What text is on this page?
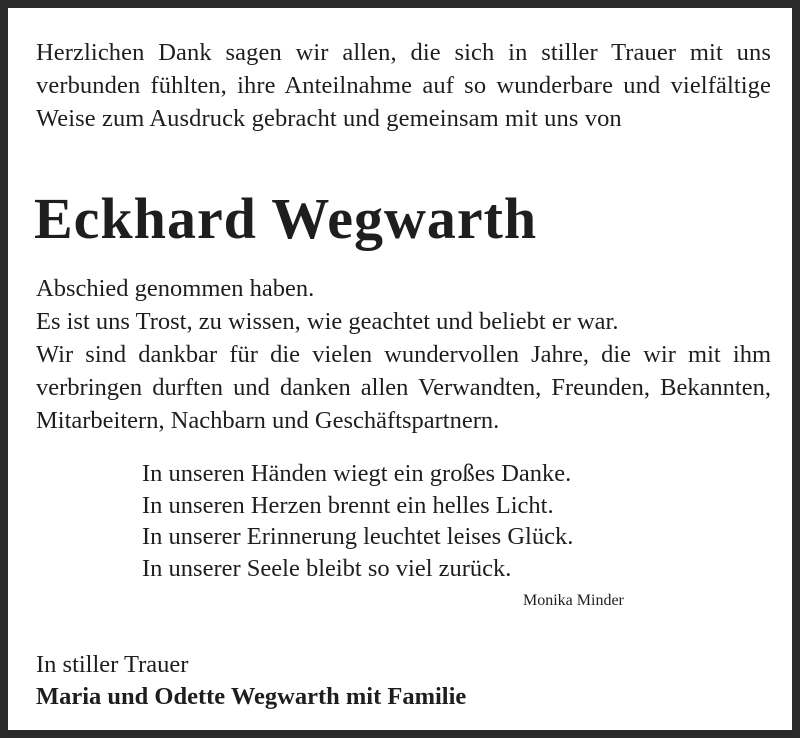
Herzlichen Dank sagen wir allen, die sich in stiller Trauer mit uns verbunden fühlten, ihre Anteilnahme auf so wunderbare und vielfältige Weise zum Ausdruck gebracht und gemeinsam mit uns von

Eckhard Wegwarth
Abschied genommen haben.
Es ist uns Trost, zu wissen, wie geachtet und beliebt er war.
Wir sind dankbar für die vielen wundervollen Jahre, die wir mit ihm verbringen durften und danken allen Verwandten, Freunden, Bekannten, Mitarbeitern, Nachbarn und Geschäftspartnern.
In unseren Händen wiegt ein großes Danke.
In unseren Herzen brennt ein helles Licht.
In unserer Erinnerung leuchtet leises Glück.
In unserer Seele bleibt so viel zurück.
Monika Minder
In stiller Trauer
Maria und Odette Wegwarth mit Familie
